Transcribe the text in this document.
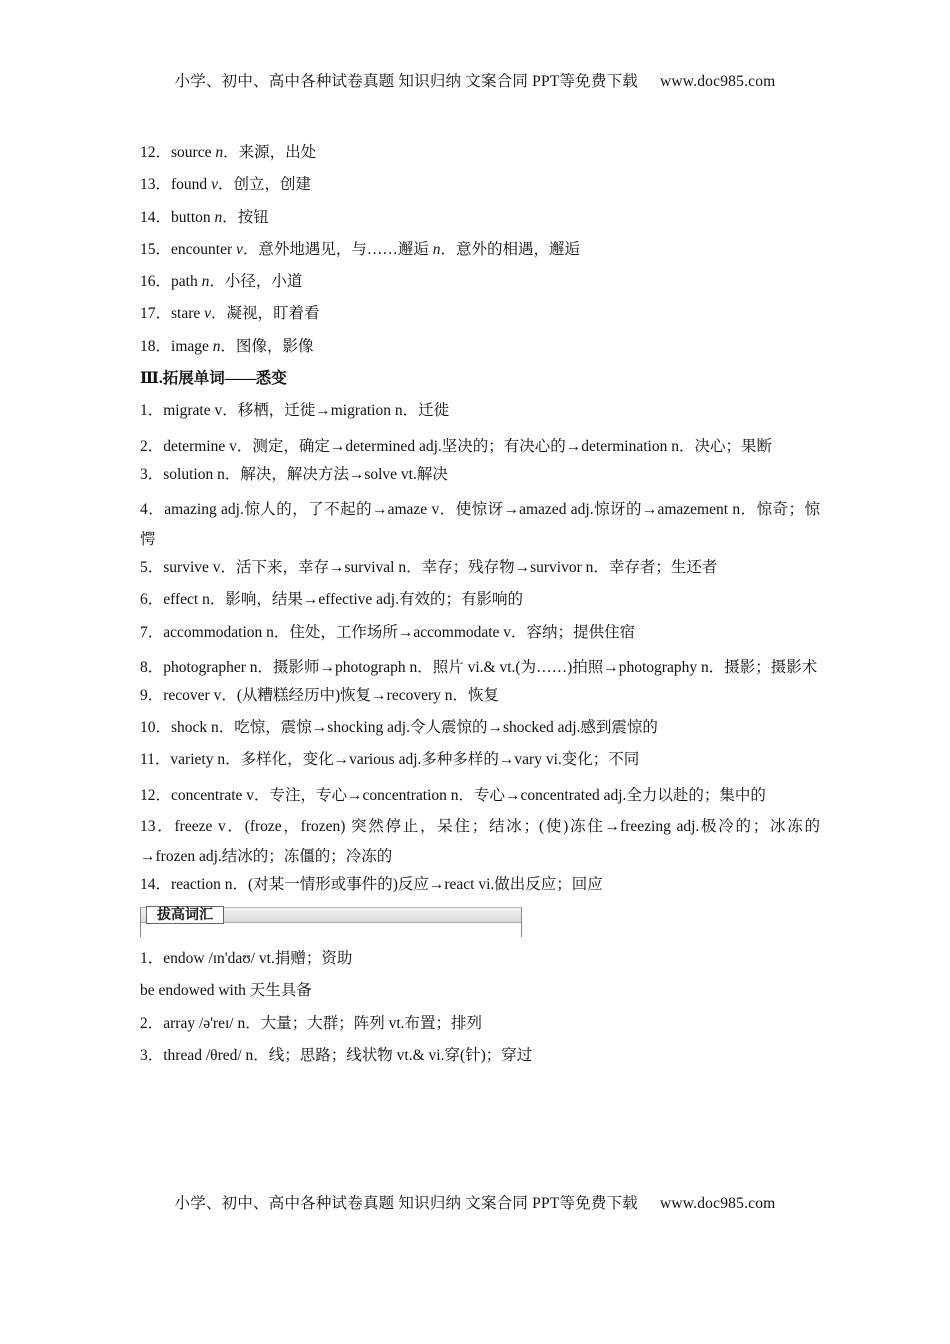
小学、初中、高中各种试卷真题 知识归纳 文案合同 PPT等免费下载 www.doc985.com
12．source n．来源，出处
13．found v．创立，创建
14．button n．按钮
15．encounter v．意外地遇见，与……邂逅 n．意外的相遇，邂逅
16．path n．小径，小道
17．stare v．凝视，盯着看
18．image n．图像，影像
Ⅲ.拓展单词——悉变
1．migrate v．移栖，迁徙→migration n．迁徙
2．determine v．测定，确定→determined adj.坚决的；有决心的→determination n．决心；果断
3．solution n．解决，解决方法→solve vt.解决
4．amazing adj.惊人的，了不起的→amaze v．使惊讶→amazed adj.惊讶的→amazement n．惊奇；惊愕
5．survive v．活下来，幸存→survival n．幸存；残存物→survivor n．幸存者；生还者
6．effect n．影响，结果→effective adj.有效的；有影响的
7．accommodation n．住处，工作场所→accommodate v．容纳；提供住宿
8．photographer n．摄影师→photograph n．照片 vi.& vt.(为……)拍照→photography n．摄影；摄影术
9．recover v．(从糟糕经历中)恢复→recovery n．恢复
10．shock n．吃惊，震惊→shocking adj.令人震惊的→shocked adj.感到震惊的
11．variety n．多样化，变化→various adj.多种多样的→vary vi.变化；不同
12．concentrate v．专注，专心→concentration n．专心→concentrated adj.全力以赴的；集中的
13．freeze v．(froze，frozen) 突然停止，呆住；结冰；(使)冻住→freezing adj.极冷的；冰冻的→frozen adj.结冰的；冻僵的；冷冻的
14．reaction n．(对某一情形或事件的)反应→react vi.做出反应；回应
拔高词汇
1．endow /ɪn'daʊ/ vt.捐赠；资助
be endowed with 天生具备
2．array /ə'reɪ/ n．大量；大群；阵列 vt.布置；排列
3．thread /θred/ n．线；思路；线状物 vt.& vi.穿(针)；穿过
小学、初中、高中各种试卷真题 知识归纳 文案合同 PPT等免费下载 www.doc985.com
